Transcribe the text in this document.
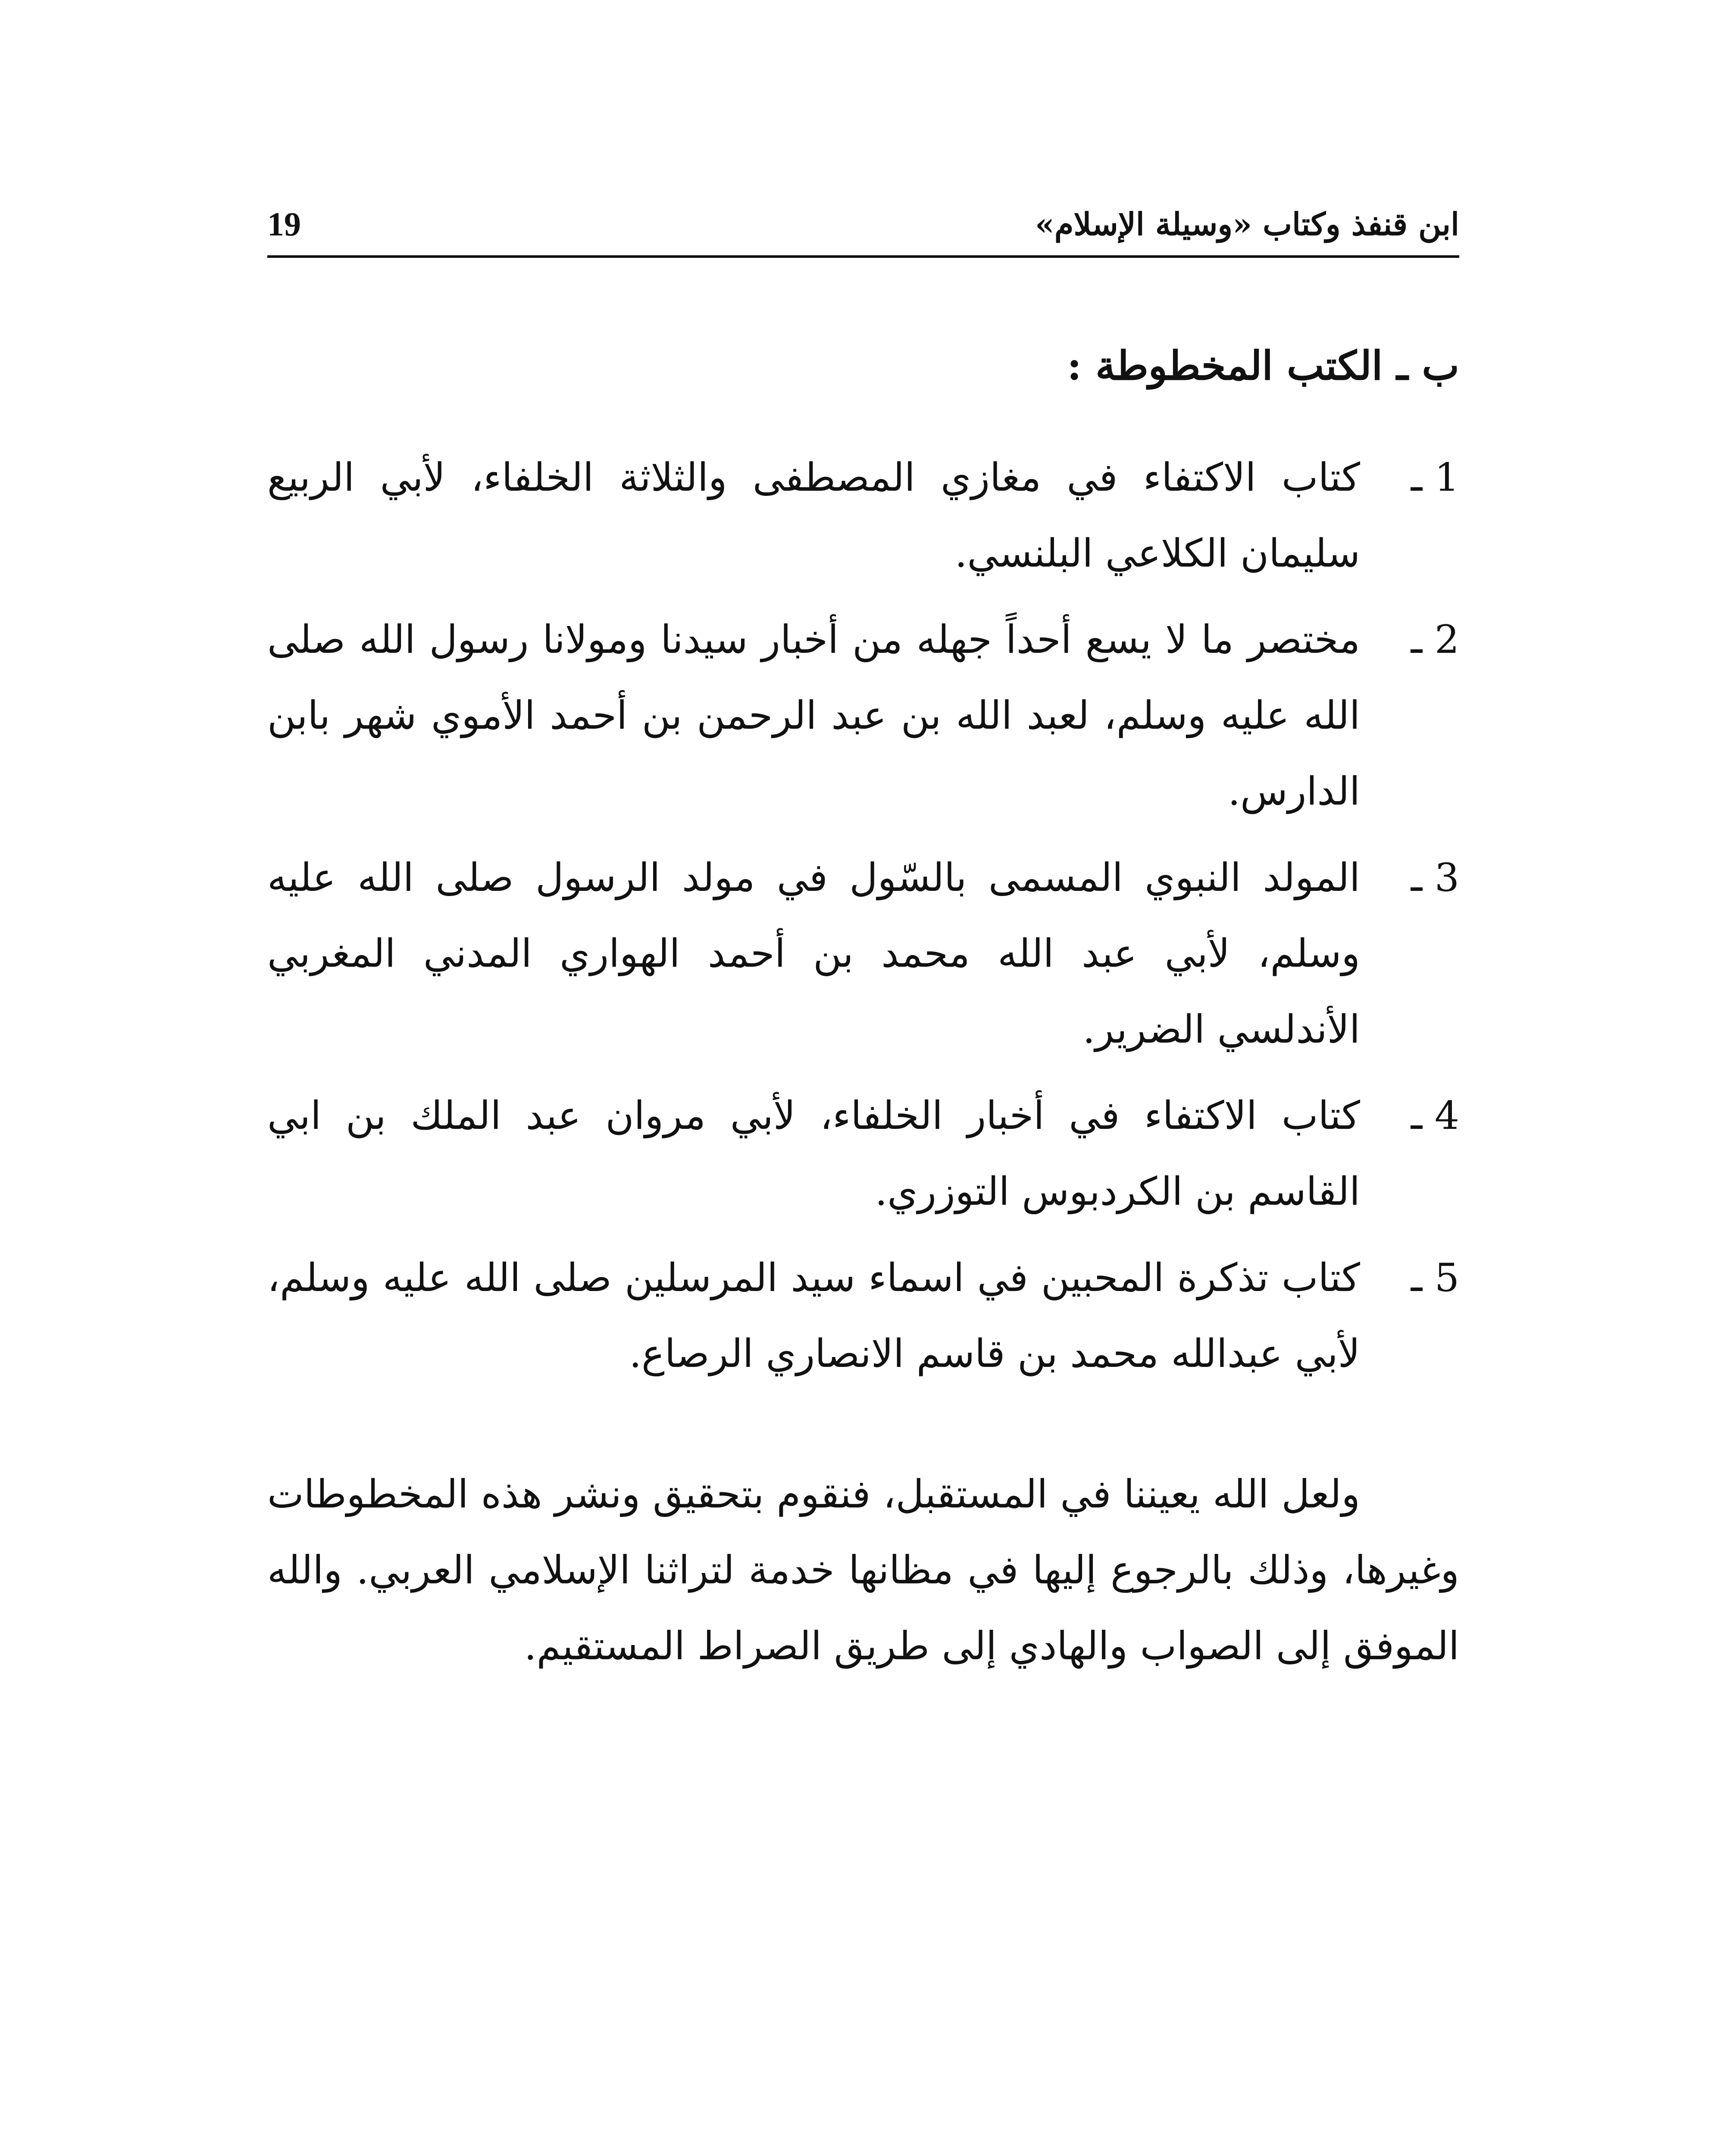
19	ابن قنفذ وكتاب «وسيلة الإسلام»
ب ـ الكتب المخطوطة :
1 ـ
كتاب الاكتفاء في مغازي المصطفى والثلاثة الخلفاء، لأبي الربيع سليمان الكلاعي البلنسي.
2 ـ
مختصر ما لا يسع أحداً جهله من أخبار سيدنا ومولانا رسول الله صلى الله عليه وسلم، لعبد الله بن عبد الرحمن بن أحمد الأموي شهر بابن الدارس.
3 ـ
المولد النبوي المسمى بالسّول في مولد الرسول صلى الله عليه وسلم، لأبي عبد الله محمد بن أحمد الهواري المدني المغربي الأندلسي الضرير.
4 ـ
كتاب الاكتفاء في أخبار الخلفاء، لأبي مروان عبد الملك بن ابي القاسم بن الكردبوس التوزري.
5 ـ
كتاب تذكرة المحبين في اسماء سيد المرسلين صلى الله عليه وسلم، لأبي عبدالله محمد بن قاسم الانصاري الرصاع.

ولعل الله يعيننا في المستقبل، فنقوم بتحقيق ونشر هذه المخطوطات وغيرها، وذلك بالرجوع إليها في مظانها خدمة لتراثنا الإسلامي العربي. والله الموفق إلى الصواب والهادي إلى طريق الصراط المستقيم.
